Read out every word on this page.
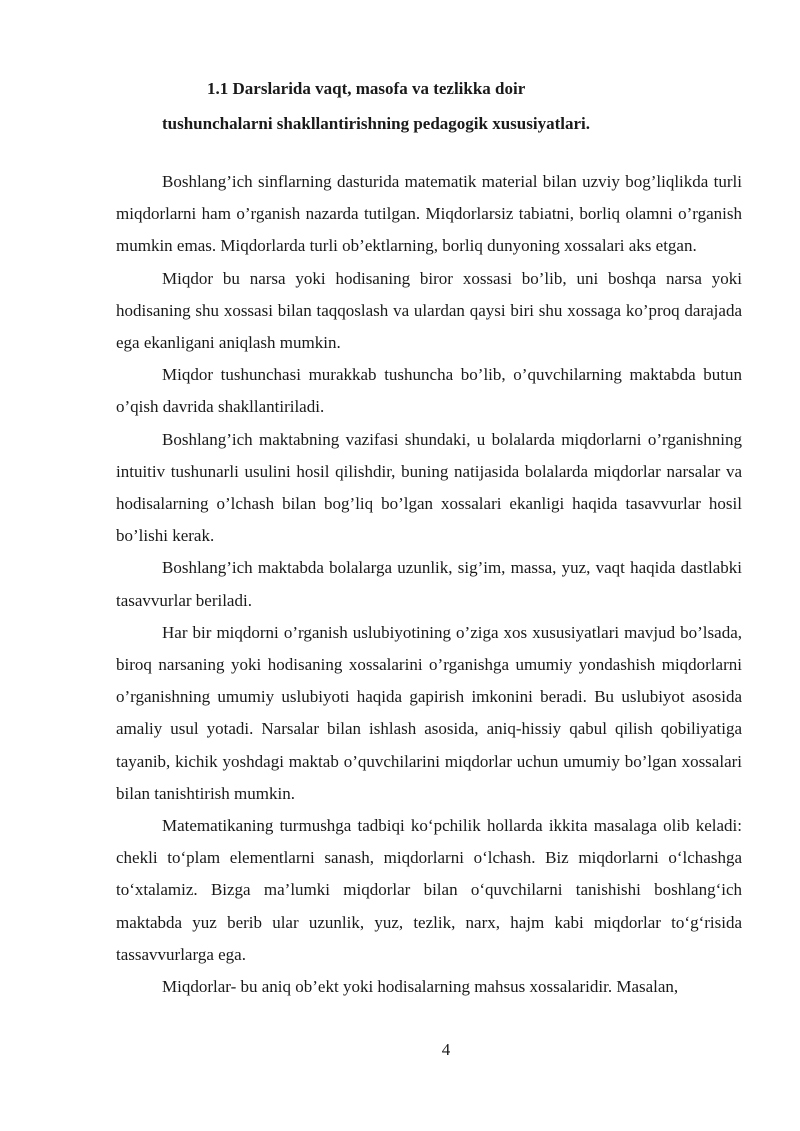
1.1 Darslarida vaqt, masofa va tezlikka doir
tushunchalarni shakllantirishning pedagogik xususiyatlari.

Boshlang’ich sinflarning dasturida matematik material bilan uzviy bog’liqlikda turli miqdorlarni ham o’rganish nazarda tutilgan. Miqdorlarsiz tabiatni, borliq olamni o’rganish mumkin emas. Miqdorlarda turli ob’ektlarning, borliq dunyoning xossalari aks etgan.

Miqdor bu narsa yoki hodisaning biror xossasi bo’lib, uni boshqa narsa yoki hodisaning shu xossasi bilan taqqoslash va ulardan qaysi biri shu xossaga ko’proq darajada ega ekanligani aniqlash mumkin.

Miqdor tushunchasi murakkab tushuncha bo’lib, o’quvchilarning maktabda butun o’qish davrida shakllantiriladi.

Boshlang’ich maktabning vazifasi shundaki, u bolalarda miqdorlarni o’rganishning intuitiv tushunarli usulini hosil qilishdir, buning natijasida bolalarda miqdorlar narsalar va hodisalarning o’lchash bilan bog’liq bo’lgan xossalari ekanligi haqida tasavvurlar hosil bo’lishi kerak.

Boshlang’ich maktabda bolalarga uzunlik, sig’im, massa, yuz, vaqt haqida dastlabki tasavvurlar beriladi.

Har bir miqdorni o’rganish uslubiyotining o’ziga xos xususiyatlari mavjud bo’lsada, biroq narsaning yoki hodisaning xossalarini o’rganishga umumiy yondashish miqdorlarni o’rganishning umumiy uslubiyoti haqida gapirish imkonini beradi. Bu uslubiyot asosida amaliy usul yotadi. Narsalar bilan ishlash asosida, aniq-hissiy qabul qilish qobiliyatiga tayanib, kichik yoshdagi maktab o’quvchilarini miqdorlar uchun umumiy bo’lgan xossalari bilan tanishtirish mumkin.

Matematikaning turmushga tadbiqi ko‘pchilik hollarda ikkita masalaga olib keladi: chekli to‘plam elementlarni sanash, miqdorlarni o‘lchash. Biz miqdorlarni o‘lchashga to‘xtalamiz. Bizga ma’lumki miqdorlar bilan o‘quvchilarni tanishishi boshlang‘ich maktabda yuz berib ular uzunlik, yuz, tezlik, narx, hajm kabi miqdorlar to‘g‘risida tassavvurlarga ega.

Miqdorlar- bu aniq ob’ekt yoki hodisalarning mahsus xossalaridir. Masalan,

4
